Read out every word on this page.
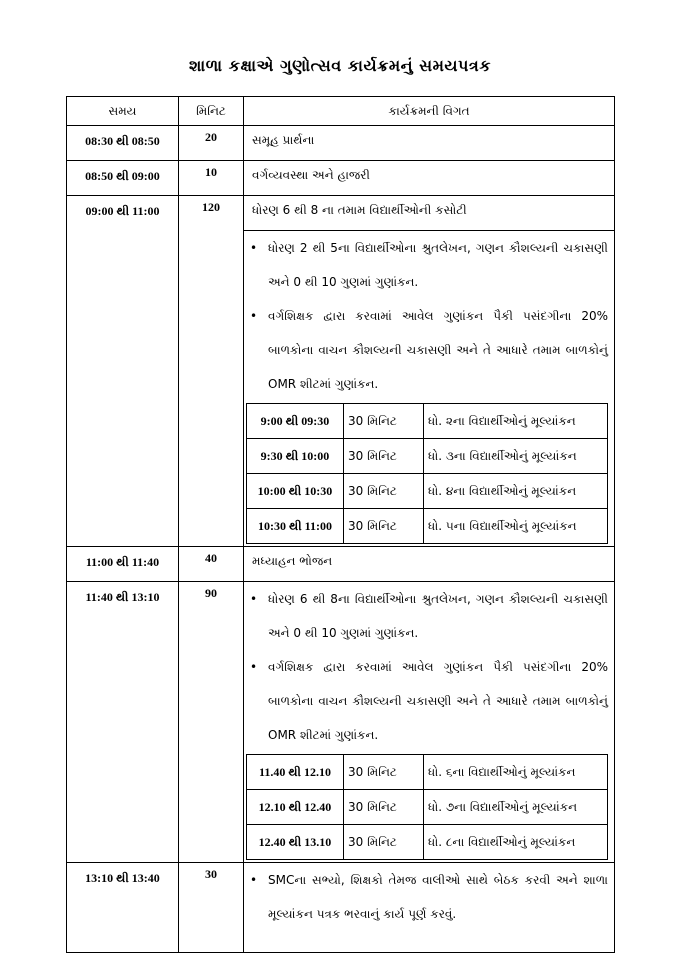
શાળા કક્ષાએ ગુણોત્સવ કાર્યક્રમનું સમયપત્રક
સમય	મિનિટ	કાર્યક્રમની વિગત
08:30 થી 08:50	20	સમૂહ પ્રાર્થના
08:50 થી 09:00	10	વર્ગવ્યવસ્થા અને હાજરી
09:00 થી 11:00	120	ધોરણ 6 થી 8 ના તમામ વિદ્યાર્થીઓની કસોટી

• ધોરણ 2 થી 5ના વિદ્યાર્થીઓના શ્રુતલેખન, ગણન કૌશલ્યની ચકાસણી અને 0 થી 10 ગુણમાં ગુણાંકન.
• વર્ગશિક્ષક દ્વારા કરવામાં આવેલ ગુણાંકન પૈકી પસંદગીના 20% બાળકોના વાચન કૌશલ્યની ચકાસણી અને તે આધારે તમામ બાળકોનું OMR શીટમાં ગુણાંકન.
9:00 થી 09:30	30 મિનિટ	ધો. ૨ના વિદ્યાર્થીઓનું મૂલ્યાંકન
9:30 થી 10:00	30 મિનિટ	ધો. ૩ના વિદ્યાર્થીઓનું મૂલ્યાંકન
10:00 થી 10:30	30 મિનિટ	ધો. ૪ના વિદ્યાર્થીઓનું મૂલ્યાંકન
10:30 થી 11:00	30 મિનિટ	ધો. ૫ના વિદ્યાર્થીઓનું મૂલ્યાંકન

11:00 થી 11:40	40	મધ્યાહન ભોજન
11:40 થી 13:10	90	
•ધોરણ 6 થી 8ના વિદ્યાર્થીઓના શ્રુતલેખન, ગણન કૌશલ્યની ચકાસણી અને 0 થી 10 ગુણમાં ગુણાંકન.
• વર્ગશિક્ષક દ્વારા કરવામાં આવેલ ગુણાંકન પૈકી પસંદગીના 20% બાળકોના વાચન કૌશલ્યની ચકાસણી અને તે આધારે તમામ બાળકોનું OMR શીટમાં ગુણાંકન.
11.40 થી 12.10	30 મિનિટ	ધો. ૬ના વિદ્યાર્થીઓનું મૂલ્યાંકન
12.10 થી 12.40	30 મિનિટ	ધો. ૭ના વિદ્યાર્થીઓનું મૂલ્યાંકન
12.40 થી 13.10	30 મિનિટ	ધો. ૮ના વિદ્યાર્થીઓનું મૂલ્યાંકન

13:10 થી 13:40	30	
•SMCના સભ્યો, શિક્ષકો તેમજ વાલીઓ સાથે બેઠક કરવી અને શાળા મૂલ્યાંકન પત્રક ભરવાનું કાર્ય પૂર્ણ કરવું.
